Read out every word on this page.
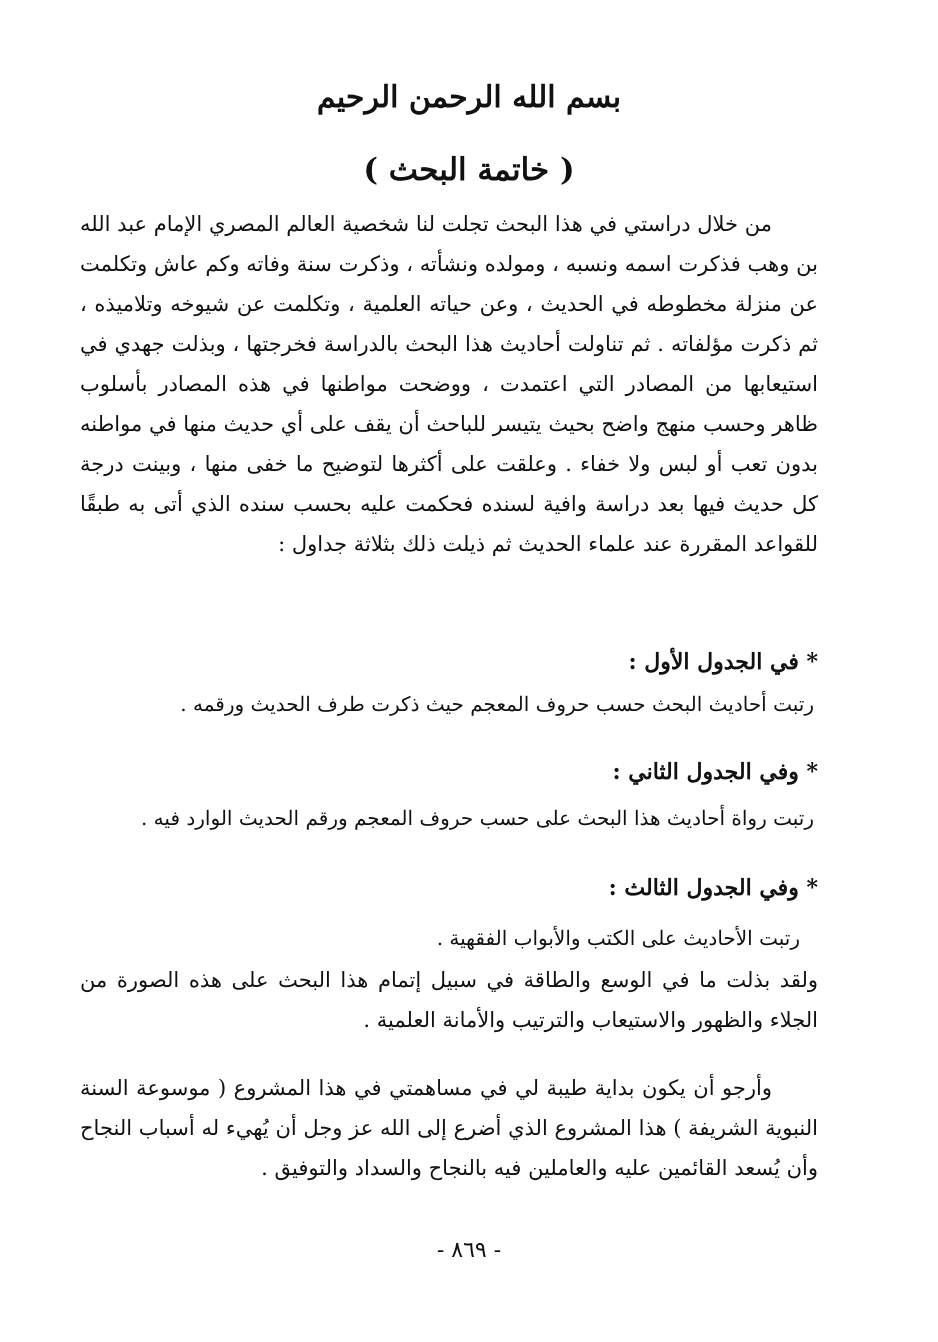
بسم الله الرحمن الرحيم
( خاتمة البحث )

من خلال دراستي في هذا البحث تجلت لنا شخصية العالم المصري الإمام عبد الله بن وهب فذكرت اسمه ونسبه ، ومولده ونشأته ، وذكرت سنة وفاته وكم عاش وتكلمت عن منزلة مخطوطه في الحديث ، وعن حياته العلمية ، وتكلمت عن شيوخه وتلاميذه ، ثم ذكرت مؤلفاته . ثم تناولت أحاديث هذا البحث بالدراسة فخرجتها ، وبذلت جهدي في استيعابها من المصادر التي اعتمدت ، ووضحت مواطنها في هذه المصادر بأسلوب ظاهر وحسب منهج واضح بحيث يتيسر للباحث أن يقف على أي حديث منها في مواطنه بدون تعب أو لبس ولا خفاء . وعلقت على أكثرها لتوضيح ما خفى منها ، وبينت درجة كل حديث فيها بعد دراسة وافية لسنده فحكمت عليه بحسب سنده الذي أتى به طبقًا للقواعد المقررة عند علماء الحديث ثم ذيلت ذلك بثلاثة جداول :

* في الجدول الأول :
رتبت أحاديث البحث حسب حروف المعجم حيث ذكرت طرف الحديث ورقمه .
* وفي الجدول الثاني :
رتبت رواة أحاديث هذا البحث على حسب حروف المعجم ورقم الحديث الوارد فيه .
* وفي الجدول الثالث :
رتبت الأحاديث على الكتب والأبواب الفقهية .

ولقد بذلت ما في الوسع والطاقة في سبيل إتمام هذا البحث على هذه الصورة من الجلاء والظهور والاستيعاب والترتيب والأمانة العلمية .

وأرجو أن يكون بداية طيبة لي في مساهمتي في هذا المشروع ( موسوعة السنة النبوية الشريفة ) هذا المشروع الذي أضرع إلى الله عز وجل أن يُهيء له أسباب النجاح وأن يُسعد القائمين عليه والعاملين فيه بالنجاح والسداد والتوفيق .

- ٨٦٩ -
